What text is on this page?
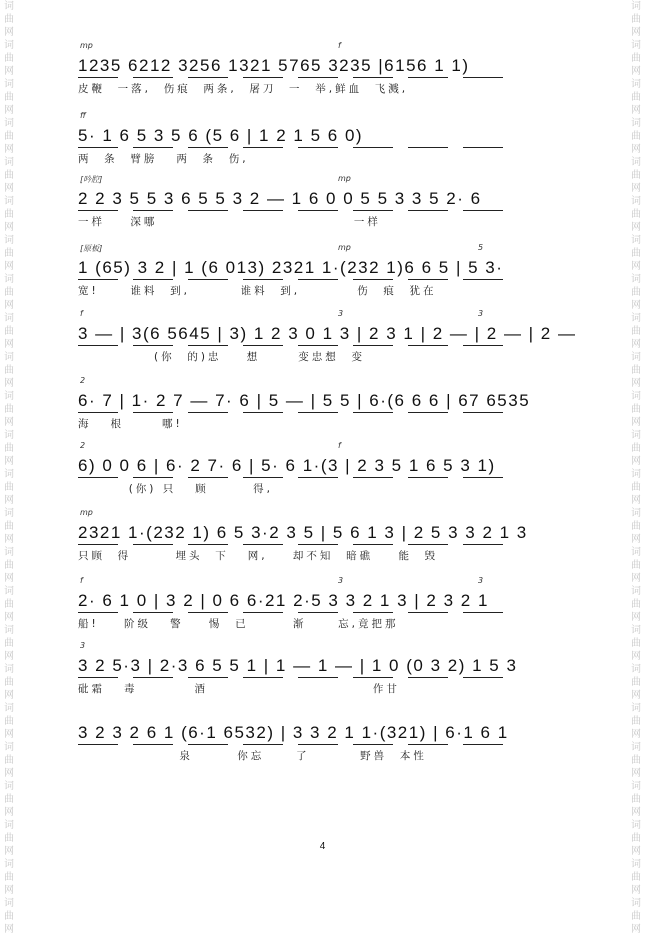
词曲网词曲网词曲网词曲网词曲网词曲网词曲网词曲网词曲网词曲网词曲网词曲网词曲网词曲网词曲网词曲网词曲网词曲网词曲网词曲网词曲网词曲网词曲网词曲网
词曲网词曲网词曲网词曲网词曲网词曲网词曲网词曲网词曲网词曲网词曲网词曲网词曲网词曲网词曲网词曲网词曲网词曲网词曲网词曲网词曲网词曲网词曲网词曲网
mp	f
1235 6212 3256 1321 5765 3235 |6156 1 1)
皮鞭  一落,  伤痕  两条,  屠刀  一  举,鲜血  飞溅,
ff
5· 1 6 5 3 5 6 (5 6 | 1 2 1 5 6 0)
两  条  臂膀   两  条  伤,
[吟腔]	mp
2 2 3 5 5 3 6 5 5 3 2 — 1 6 0 0 5 5 3 3 5 2· 6
一样    深哪                               一样
[原板]	mp	5
1 (65) 3 2 | 1 (6 013) 2321 1·(232 1)6 6 5 | 5 3·
宽!     谁料  到,        谁料  到,         伤  痕  犹在
f	3	3
3 — | 3(6 5645 | 3) 1 2 3 0 1 3 | 2 3 1 | 2 — | 2 — | 2 —
(你  的)忠    想      变忠想  变
2
6· 7 | 1· 2 7 — 7· 6 | 5 — | 5 5 | 6·(6 6 6 | 67 6535
海   根      哪!
2	f
6) 0 0 6 | 6· 2 7· 6 | 5· 6 1·(3 | 2 3 5 1 6 5 3 1)
(你) 只   顾       得,
mp
2321 1·(232 1) 6 5 3·2 3 5 | 5 6 1 3 | 2 5 3 3 2 1 3
只顾  得       埋头  下   网,    却不知  暗礁    能  毁
f	3	3
2· 6 1 0 | 3 2 | 0 6 6·21 2·5 3 3 2 1 3 | 2 3 2 1
船!    阶级   警    惕  已       渐     忘,竟把那
3
3 2 5·3 | 2·3 6 5 5 1 | 1 — 1 — | 1 0 (0 3 2) 1 5 3
砒霜   毒         酒                          作甘
3 2 3 2 6 1 (6·1 6532) | 3 3 2 1 1·(321) | 6·1 6 1
泉       你忘     了        野兽  本性
4
